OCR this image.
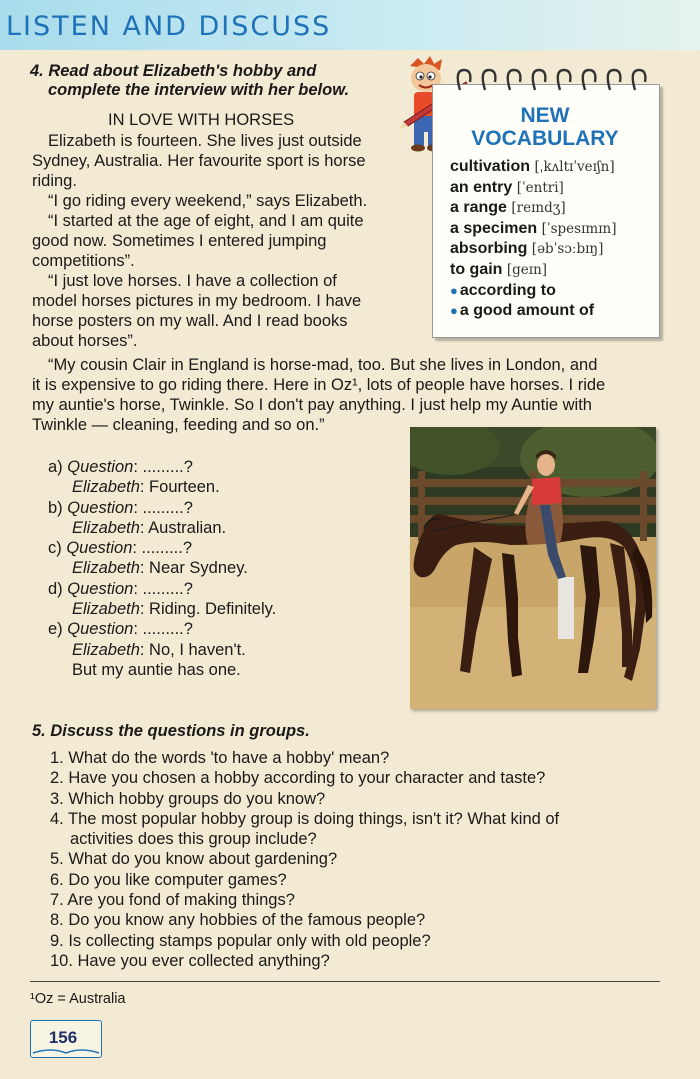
LISTEN AND DISCUSS
4. Read about Elizabeth's hobby and
complete the interview with her below.
IN LOVE WITH HORSES
Elizabeth is fourteen. She lives just outside
Sydney, Australia. Her favourite sport is horse
riding.
“I go riding every weekend,” says Elizabeth.
“I started at the age of eight, and I am quite
good now. Sometimes I entered jumping
competitions”.
“I just love horses. I have a collection of
model horses pictures in my bedroom. I have
horse posters on my wall. And I read books
about horses”.
“My cousin Clair in England is horse-mad, too. But she lives in London, and
it is expensive to go riding there. Here in Oz¹, lots of people have horses. I ride
my auntie's horse, Twinkle. So I don't pay anything. I just help my Auntie with
Twinkle — cleaning, feeding and so on.”
NEW
VOCABULARY
cultivation [ˌkʌltɪˈveɪʃn]
an entry [ˈentri]
a range [reɪndʒ]
a specimen [ˈspesɪmɪn]
absorbing [əbˈsɔːbɪŋ]
to gain [geɪn]
● according to
● a good amount of
a) Question: .........?
Elizabeth: Fourteen.
b) Question: .........?
Elizabeth: Australian.
c) Question: .........?
Elizabeth: Near Sydney.
d) Question: .........?
Elizabeth: Riding. Definitely.
e) Question: .........?
Elizabeth: No, I haven't.
But my auntie has one.
5. Discuss the questions in groups.
1. What do the words 'to have a hobby' mean?
2. Have you chosen a hobby according to your character and taste?
3. Which hobby groups do you know?
4. The most popular hobby group is doing things, isn't it? What kind of
activities does this group include?
5. What do you know about gardening?
6. Do you like computer games?
7. Are you fond of making things?
8. Do you know any hobbies of the famous people?
9. Is collecting stamps popular only with old people?
10. Have you ever collected anything?
¹Oz = Australia
156
